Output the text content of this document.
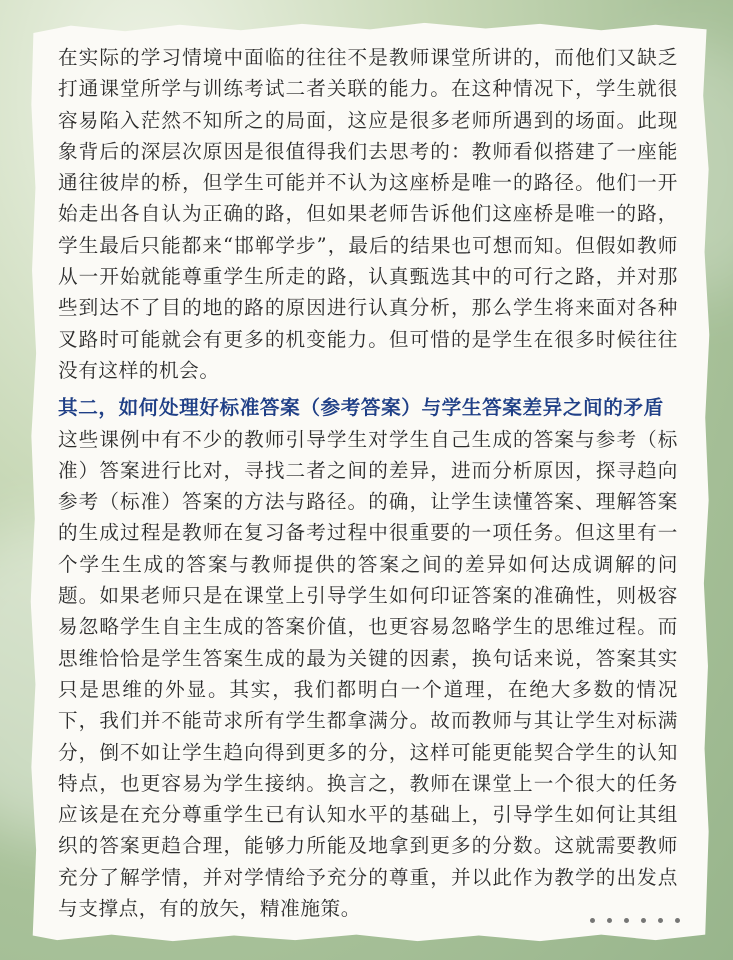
在实际的学习情境中面临的往往不是教师课堂所讲的，而他们又缺乏打通课堂所学与训练考试二者关联的能力。在这种情况下，学生就很容易陷入茫然不知所之的局面，这应是很多老师所遇到的场面。此现象背后的深层次原因是很值得我们去思考的：教师看似搭建了一座能通往彼岸的桥，但学生可能并不认为这座桥是唯一的路径。他们一开始走出各自认为正确的路，但如果老师告诉他们这座桥是唯一的路，学生最后只能都来“邯郸学步”，最后的结果也可想而知。但假如教师从一开始就能尊重学生所走的路，认真甄选其中的可行之路，并对那些到达不了目的地的路的原因进行认真分析，那么学生将来面对各种叉路时可能就会有更多的机变能力。但可惜的是学生在很多时候往往没有这样的机会。

其二，如何处理好标准答案（参考答案）与学生答案差异之间的矛盾

这些课例中有不少的教师引导学生对学生自己生成的答案与参考（标准）答案进行比对，寻找二者之间的差异，进而分析原因，探寻趋向参考（标准）答案的方法与路径。的确，让学生读懂答案、理解答案的生成过程是教师在复习备考过程中很重要的一项任务。但这里有一个学生生成的答案与教师提供的答案之间的差异如何达成调解的问题。如果老师只是在课堂上引导学生如何印证答案的准确性，则极容易忽略学生自主生成的答案价值，也更容易忽略学生的思维过程。而思维恰恰是学生答案生成的最为关键的因素，换句话来说，答案其实只是思维的外显。其实，我们都明白一个道理，在绝大多数的情况下，我们并不能苛求所有学生都拿满分。故而教师与其让学生对标满分，倒不如让学生趋向得到更多的分，这样可能更能契合学生的认知特点，也更容易为学生接纳。换言之，教师在课堂上一个很大的任务应该是在充分尊重学生已有认知水平的基础上，引导学生如何让其组织的答案更趋合理，能够力所能及地拿到更多的分数。这就需要教师充分了解学情，并对学情给予充分的尊重，并以此作为教学的出发点与支撑点，有的放矢，精准施策。
